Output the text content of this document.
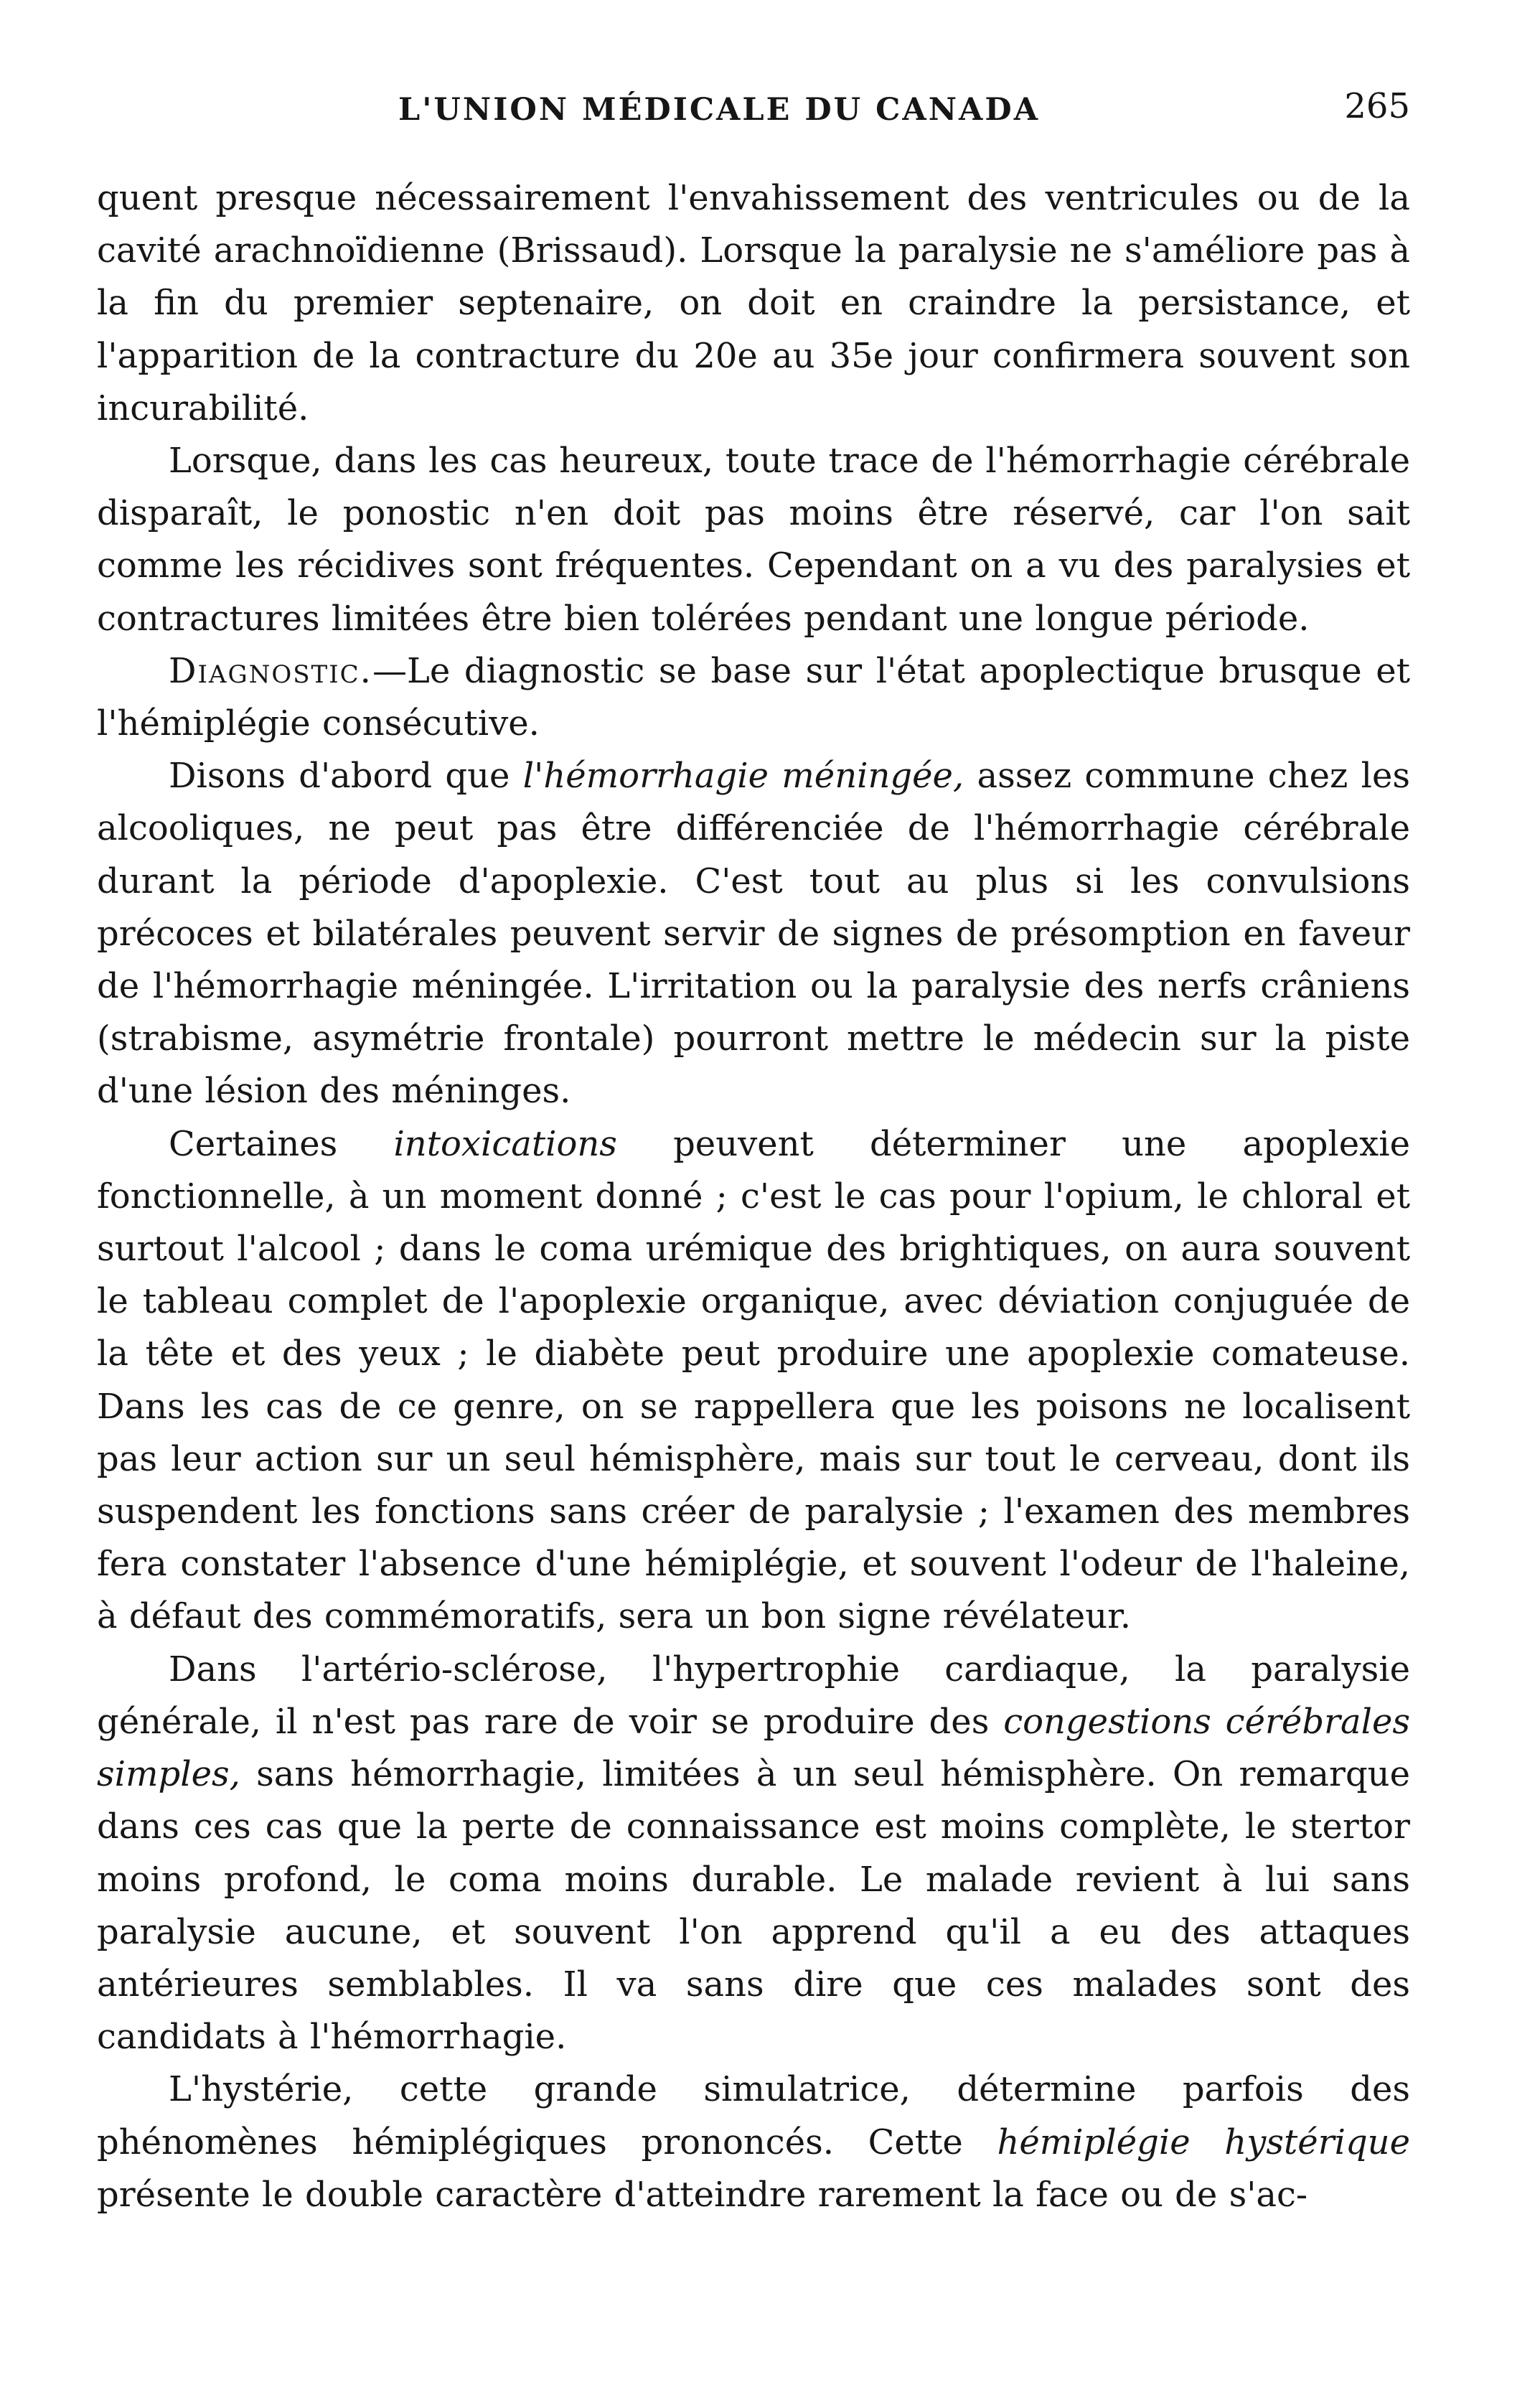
L'UNION MÉDICALE DU CANADA	265

quent presque nécessairement l'envahissement des ventricules ou de la cavité arachnoïdienne (Brissaud). Lorsque la paralysie ne s'améliore pas à la fin du premier septenaire, on doit en craindre la persistance, et l'apparition de la contracture du 20e au 35e jour confirmera souvent son incurabilité.

Lorsque, dans les cas heureux, toute trace de l'hémorrhagie cérébrale disparaît, le ponostic n'en doit pas moins être réservé, car l'on sait comme les récidives sont fréquentes. Cependant on a vu des paralysies et contractures limitées être bien tolérées pendant une longue période.

Diagnostic.—Le diagnostic se base sur l'état apoplectique brusque et l'hémiplégie consécutive.

Disons d'abord que l'hémorrhagie méningée, assez commune chez les alcooliques, ne peut pas être différenciée de l'hémorrhagie cérébrale durant la période d'apoplexie. C'est tout au plus si les convulsions précoces et bilatérales peuvent servir de signes de présomption en faveur de l'hémorrhagie méningée. L'irritation ou la paralysie des nerfs crâniens (strabisme, asymétrie frontale) pourront mettre le médecin sur la piste d'une lésion des méninges.

Certaines intoxications peuvent déterminer une apoplexie fonctionnelle, à un moment donné ; c'est le cas pour l'opium, le chloral et surtout l'alcool ; dans le coma urémique des brightiques, on aura souvent le tableau complet de l'apoplexie organique, avec déviation conjuguée de la tête et des yeux ; le diabète peut produire une apoplexie comateuse. Dans les cas de ce genre, on se rappellera que les poisons ne localisent pas leur action sur un seul hémisphère, mais sur tout le cerveau, dont ils suspendent les fonctions sans créer de paralysie ; l'examen des membres fera constater l'absence d'une hémiplégie, et souvent l'odeur de l'haleine, à défaut des commémoratifs, sera un bon signe révélateur.

Dans l'artério-sclérose, l'hypertrophie cardiaque, la paralysie générale, il n'est pas rare de voir se produire des congestions cérébrales simples, sans hémorrhagie, limitées à un seul hémisphère. On remarque dans ces cas que la perte de connaissance est moins complète, le stertor moins profond, le coma moins durable. Le malade revient à lui sans paralysie aucune, et souvent l'on apprend qu'il a eu des attaques antérieures semblables. Il va sans dire que ces malades sont des candidats à l'hémorrhagie.

L'hystérie, cette grande simulatrice, détermine parfois des phénomènes hémiplégiques prononcés. Cette hémiplégie hystérique présente le double caractère d'atteindre rarement la face ou de s'ac-
